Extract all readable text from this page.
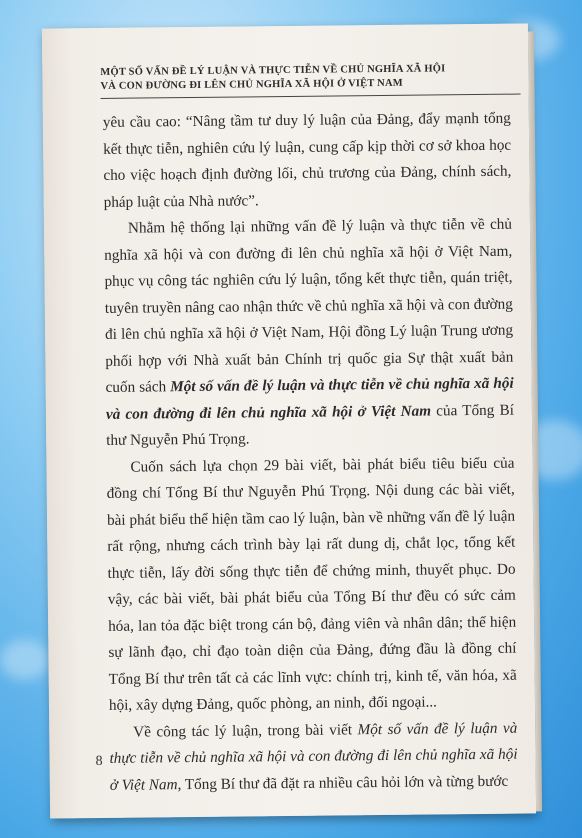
MỘT SỐ VẤN ĐỀ LÝ LUẬN VÀ THỰC TIỄN VỀ CHỦ NGHĨA XÃ HỘI
VÀ CON ĐƯỜNG ĐI LÊN CHỦ NGHĨA XÃ HỘI Ở VIỆT NAM

yêu cầu cao: “Nâng tầm tư duy lý luận của Đảng, đẩy mạnh tổng kết thực tiễn, nghiên cứu lý luận, cung cấp kịp thời cơ sở khoa học cho việc hoạch định đường lối, chủ trương của Đảng, chính sách, pháp luật của Nhà nước”.

Nhằm hệ thống lại những vấn đề lý luận và thực tiễn về chủ nghĩa xã hội và con đường đi lên chủ nghĩa xã hội ở Việt Nam, phục vụ công tác nghiên cứu lý luận, tổng kết thực tiễn, quán triệt, tuyên truyền nâng cao nhận thức về chủ nghĩa xã hội và con đường đi lên chủ nghĩa xã hội ở Việt Nam, Hội đồng Lý luận Trung ương phối hợp với Nhà xuất bản Chính trị quốc gia Sự thật xuất bản cuốn sách Một số vấn đề lý luận và thực tiễn về chủ nghĩa xã hội và con đường đi lên chủ nghĩa xã hội ở Việt Nam của Tổng Bí thư Nguyễn Phú Trọng.

Cuốn sách lựa chọn 29 bài viết, bài phát biểu tiêu biểu của đồng chí Tổng Bí thư Nguyễn Phú Trọng. Nội dung các bài viết, bài phát biểu thể hiện tầm cao lý luận, bàn về những vấn đề lý luận rất rộng, nhưng cách trình bày lại rất dung dị, chắt lọc, tổng kết thực tiễn, lấy đời sống thực tiễn để chứng minh, thuyết phục. Do vậy, các bài viết, bài phát biểu của Tổng Bí thư đều có sức cảm hóa, lan tỏa đặc biệt trong cán bộ, đảng viên và nhân dân; thể hiện sự lãnh đạo, chỉ đạo toàn diện của Đảng, đứng đầu là đồng chí Tổng Bí thư trên tất cả các lĩnh vực: chính trị, kinh tế, văn hóa, xã hội, xây dựng Đảng, quốc phòng, an ninh, đối ngoại...

Về công tác lý luận, trong bài viết Một số vấn đề lý luận và thực tiễn về chủ nghĩa xã hội và con đường đi lên chủ nghĩa xã hội ở Việt Nam, Tổng Bí thư đã đặt ra nhiều câu hỏi lớn và từng bước

8
